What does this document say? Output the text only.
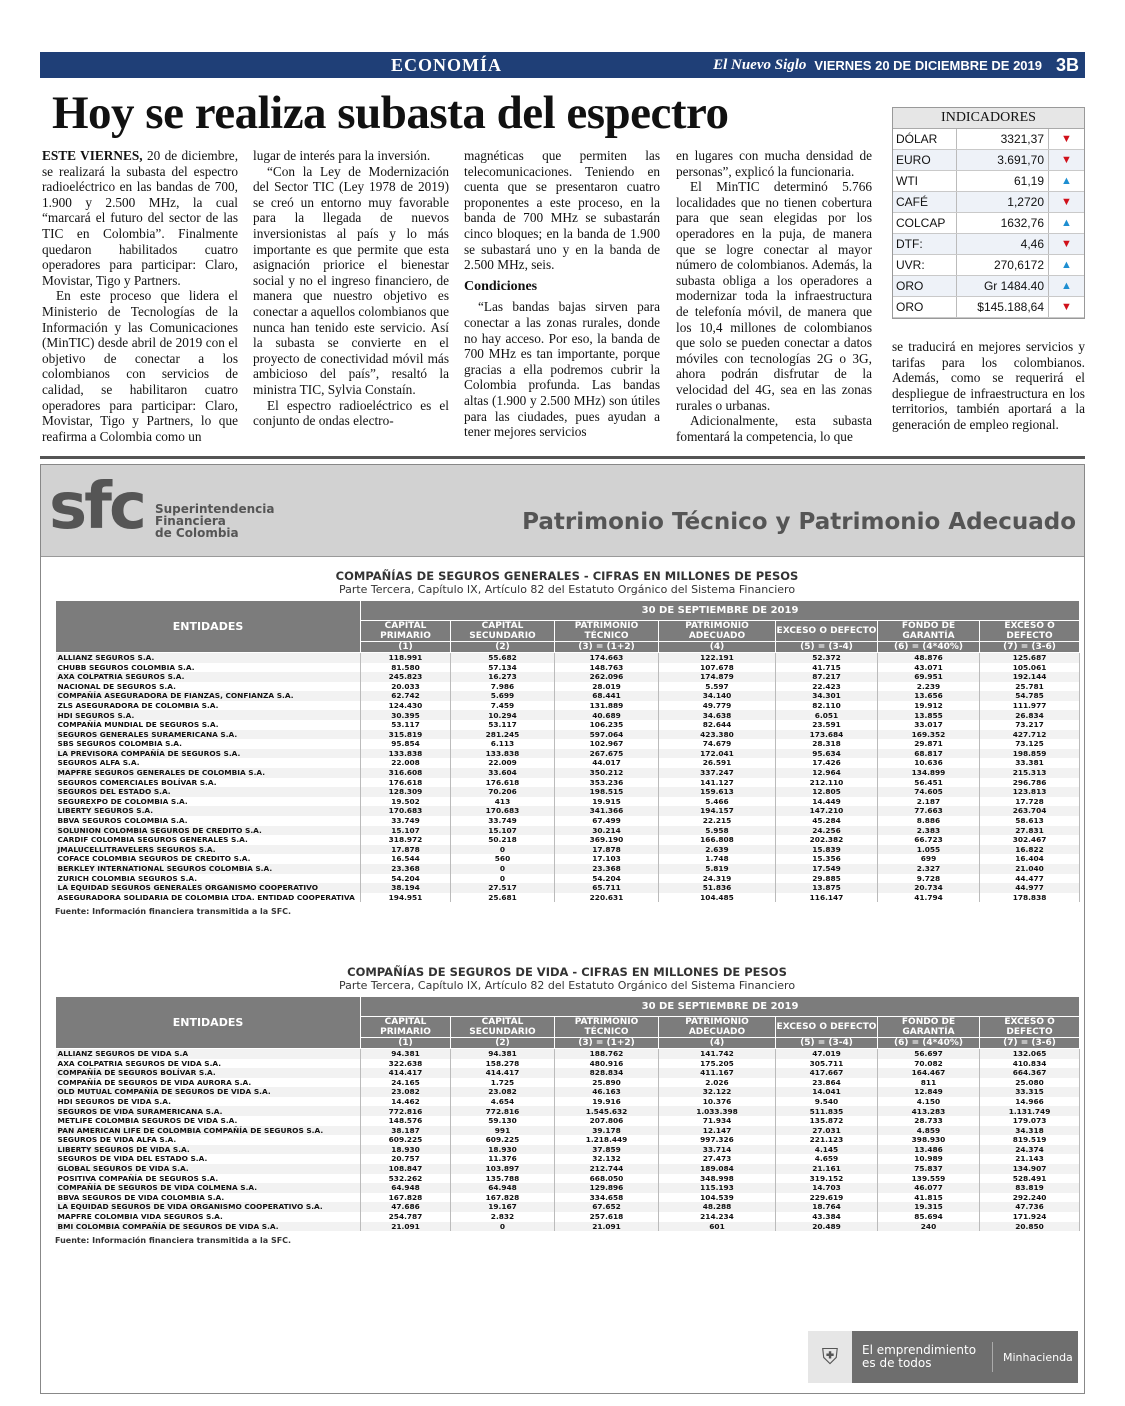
ECONOMÍA	El Nuevo Siglo VIERNES 20 DE DICIEMBRE DE 2019 3B
Hoy se realiza subasta del espectro

ESTE VIERNES, 20 de diciembre, se realizará la subasta del espectro radioeléctrico en las bandas de 700, 1.900 y 2.500 MHz, la cual “marcará el futuro del sector de las TIC en Colombia”. Finalmente quedaron habilitados cuatro operadores para participar: Claro, Movistar, Tigo y Partners.

En este proceso que lidera el Ministerio de Tecnologías de la Información y las Comunicaciones (MinTIC) desde abril de 2019 con el objetivo de conectar a los colombianos con servicios de calidad, se habilitaron cuatro operadores para participar: Claro, Movistar, Tigo y Partners, lo que reafirma a Colombia como un

lugar de interés para la inversión.

“Con la Ley de Modernización del Sector TIC (Ley 1978 de 2019) se creó un entorno muy favorable para la llegada de nuevos inversionistas al país y lo más importante es que permite que esta asignación priorice el bienestar social y no el ingreso financiero, de manera que nuestro objetivo es conectar a aquellos colombianos que nunca han tenido este servicio. Así la subasta se convierte en el proyecto de conectividad móvil más ambicioso del país”, resaltó la ministra TIC, Sylvia Constaín.

El espectro radioeléctrico es el conjunto de ondas electro-

magnéticas que permiten las telecomunicaciones. Teniendo en cuenta que se presentaron cuatro proponentes a este proceso, en la banda de 700 MHz se subastarán cinco bloques; en la banda de 1.900 se subastará uno y en la banda de 2.500 MHz, seis.

Condiciones

“Las bandas bajas sirven para conectar a las zonas rurales, donde no hay acceso. Por eso, la banda de 700 MHz es tan importante, porque gracias a ella podremos cubrir la Colombia profunda. Las bandas altas (1.900 y 2.500 MHz) son útiles para las ciudades, pues ayudan a tener mejores servicios

en lugares con mucha densidad de personas”, explicó la funcionaria.

El MinTIC determinó 5.766 localidades que no tienen cobertura para que sean elegidas por los operadores en la puja, de manera que se logre conectar al mayor número de colombianos. Además, la subasta obliga a los operadores a modernizar toda la infraestructura de telefonía móvil, de manera que los 10,4 millones de colombianos que solo se pueden conectar a datos móviles con tecnologías 2G o 3G, ahora podrán disfrutar de la velocidad del 4G, sea en las zonas rurales o urbanas.

Adicionalmente, esta subasta fomentará la competencia, lo que

INDICADORES
DÓLAR	3321,37	▼
EURO	3.691,70	▼
WTI	61,19	▲
CAFÉ	1,2720	▼
COLCAP	1632,76	▲
DTF:	4,46	▼
UVR:	270,6172	▲
ORO	Gr 1484.40	▲
ORO	$145.188,64	▼

se traducirá en mejores servicios y tarifas para los colombianos. Además, como se requerirá el despliegue de infraestructura en los territorios, también aportará a la generación de empleo regional.

sfc Superintendencia
Financiera
de Colombia	Patrimonio Técnico y Patrimonio Adecuado
COMPAÑÍAS DE SEGUROS GENERALES - CIFRAS EN MILLONES DE PESOS
Parte Tercera, Capítulo IX, Artículo 82 del Estatuto Orgánico del Sistema Financiero
ENTIDADES	30 DE SEPTIEMBRE DE 2019						
	CAPITAL PRIMARIO	CAPITAL SECUNDARIO	PATRIMONIO TÉCNICO	PATRIMONIO ADECUADO	EXCESO O DEFECTO	FONDO DE GARANTÍA	EXCESO O DEFECTO
	(1)	(2)	(3) = (1+2)	(4)	(5) = (3-4)	(6) = (4*40%)	(7) = (3-6)
ALLIANZ SEGUROS S.A.	118.991	55.682	174.663	122.191	52.372	48.876	125.687
CHUBB SEGUROS COLOMBIA S.A.	81.580	57.134	148.763	107.678	41.715	43.071	105.061
AXA COLPATRIA SEGUROS S.A.	245.823	16.273	262.096	174.879	87.217	69.951	192.144
NACIONAL DE SEGUROS S.A.	20.033	7.986	28.019	5.597	22.423	2.239	25.781
COMPAÑÍA ASEGURADORA DE FIANZAS, CONFIANZA S.A.	62.742	5.699	68.441	34.140	34.301	13.656	54.785
ZLS ASEGURADORA DE COLOMBIA S.A.	124.430	7.459	131.889	49.779	82.110	19.912	111.977
HDI SEGUROS S.A.	30.395	10.294	40.689	34.638	6.051	13.855	26.834
COMPAÑÍA MUNDIAL DE SEGUROS S.A.	53.117	53.117	106.235	82.644	23.591	33.017	73.217
SEGUROS GENERALES SURAMERICANA S.A.	315.819	281.245	597.064	423.380	173.684	169.352	427.712
SBS SEGUROS COLOMBIA S.A.	95.854	6.113	102.967	74.679	28.318	29.871	73.125
LA PREVISORA COMPAÑÍA DE SEGUROS S.A.	133.838	133.838	267.675	172.041	95.634	68.817	198.859
SEGUROS ALFA S.A.	22.008	22.009	44.017	26.591	17.426	10.636	33.381
MAPFRE SEGUROS GENERALES DE COLOMBIA S.A.	316.608	33.604	350.212	337.247	12.964	134.899	215.313
SEGUROS COMERCIALES BOLÍVAR S.A.	176.618	176.618	353.236	141.127	212.110	56.451	296.786
SEGUROS DEL ESTADO S.A.	128.309	70.206	198.515	159.613	12.805	74.605	123.813
SEGUREXPO DE COLOMBIA S.A.	19.502	413	19.915	5.466	14.449	2.187	17.728
LIBERTY SEGUROS S.A.	170.683	170.683	341.366	194.157	147.210	77.663	263.704
BBVA SEGUROS COLOMBIA S.A.	33.749	33.749	67.499	22.215	45.284	8.886	58.613
SOLUNION COLOMBIA SEGUROS DE CREDITO S.A.	15.107	15.107	30.214	5.958	24.256	2.383	27.831
CARDIF COLOMBIA SEGUROS GENERALES S.A.	318.972	50.218	369.190	166.808	202.382	66.723	302.467
JMALUCELLITRAVELERS SEGUROS S.A.	17.878	0	17.878	2.639	15.839	1.055	16.822
COFACE COLOMBIA SEGUROS DE CREDITO S.A.	16.544	560	17.103	1.748	15.356	699	16.404
BERKLEY INTERNATIONAL SEGUROS COLOMBIA S.A.	23.368	0	23.368	5.819	17.549	2.327	21.040
ZURICH COLOMBIA SEGUROS S.A.	54.204	0	54.204	24.319	29.885	9.728	44.477
LA EQUIDAD SEGUROS GENERALES ORGANISMO COOPERATIVO	38.194	27.517	65.711	51.836	13.875	20.734	44.977
ASEGURADORA SOLIDARIA DE COLOMBIA LTDA. ENTIDAD COOPERATIVA	194.951	25.681	220.631	104.485	116.147	41.794	178.838
Fuente: Información financiera transmitida a la SFC.
COMPAÑÍAS DE SEGUROS DE VIDA - CIFRAS EN MILLONES DE PESOS
Parte Tercera, Capítulo IX, Artículo 82 del Estatuto Orgánico del Sistema Financiero
ENTIDADES	30 DE SEPTIEMBRE DE 2019						
	CAPITAL PRIMARIO	CAPITAL SECUNDARIO	PATRIMONIO TÉCNICO	PATRIMONIO ADECUADO	EXCESO O DEFECTO	FONDO DE GARANTÍA	EXCESO O DEFECTO
	(1)	(2)	(3) = (1+2)	(4)	(5) = (3-4)	(6) = (4*40%)	(7) = (3-6)
ALLIANZ SEGUROS DE VIDA S.A	94.381	94.381	188.762	141.742	47.019	56.697	132.065
AXA COLPATRIA SEGUROS DE VIDA S.A.	322.638	158.278	480.916	175.205	305.711	70.082	410.834
COMPAÑÍA DE SEGUROS BOLÍVAR S.A.	414.417	414.417	828.834	411.167	417.667	164.467	664.367
COMPAÑÍA DE SEGUROS DE VIDA AURORA S.A.	24.165	1.725	25.890	2.026	23.864	811	25.080
OLD MUTUAL COMPAÑÍA DE SEGUROS DE VIDA S.A.	23.082	23.082	46.163	32.122	14.041	12.849	33.315
HDI SEGUROS DE VIDA S.A.	14.462	4.654	19.916	10.376	9.540	4.150	14.966
SEGUROS DE VIDA SURAMERICANA S.A.	772.816	772.816	1.545.632	1.033.398	511.835	413.283	1.131.749
METLIFE COLOMBIA SEGUROS DE VIDA S.A.	148.576	59.130	207.806	71.934	135.872	28.733	179.073
PAN AMERICAN LIFE DE COLOMBIA COMPAÑÍA DE SEGUROS S.A.	38.187	991	39.178	12.147	27.031	4.859	34.318
SEGUROS DE VIDA ALFA S.A.	609.225	609.225	1.218.449	997.326	221.123	398.930	819.519
LIBERTY SEGUROS DE VIDA S.A.	18.930	18.930	37.859	33.714	4.145	13.486	24.374
SEGUROS DE VIDA DEL ESTADO S.A.	20.757	11.376	32.132	27.473	4.659	10.989	21.143
GLOBAL SEGUROS DE VIDA S.A.	108.847	103.897	212.744	189.084	21.161	75.837	134.907
POSITIVA COMPAÑÍA DE SEGUROS S.A.	532.262	135.788	668.050	348.998	319.152	139.559	528.491
COMPAÑÍA DE SEGUROS DE VIDA COLMENA S.A.	64.948	64.948	129.896	115.193	14.703	46.077	83.819
BBVA SEGUROS DE VIDA COLOMBIA S.A.	167.828	167.828	334.658	104.539	229.619	41.815	292.240
LA EQUIDAD SEGUROS DE VIDA ORGANISMO COOPERATIVO S.A.	47.686	19.167	67.652	48.288	18.764	19.315	47.736
MAPFRE COLOMBIA VIDA SEGUROS S.A.	254.787	2.832	257.618	214.234	43.384	85.694	171.924
BMI COLOMBIA COMPAÑÍA DE SEGUROS DE VIDA S.A.	21.091	0	21.091	601	20.489	240	20.850
Fuente: Información financiera transmitida a la SFC.
⛨	El emprendimiento es de todos	Minhacienda
